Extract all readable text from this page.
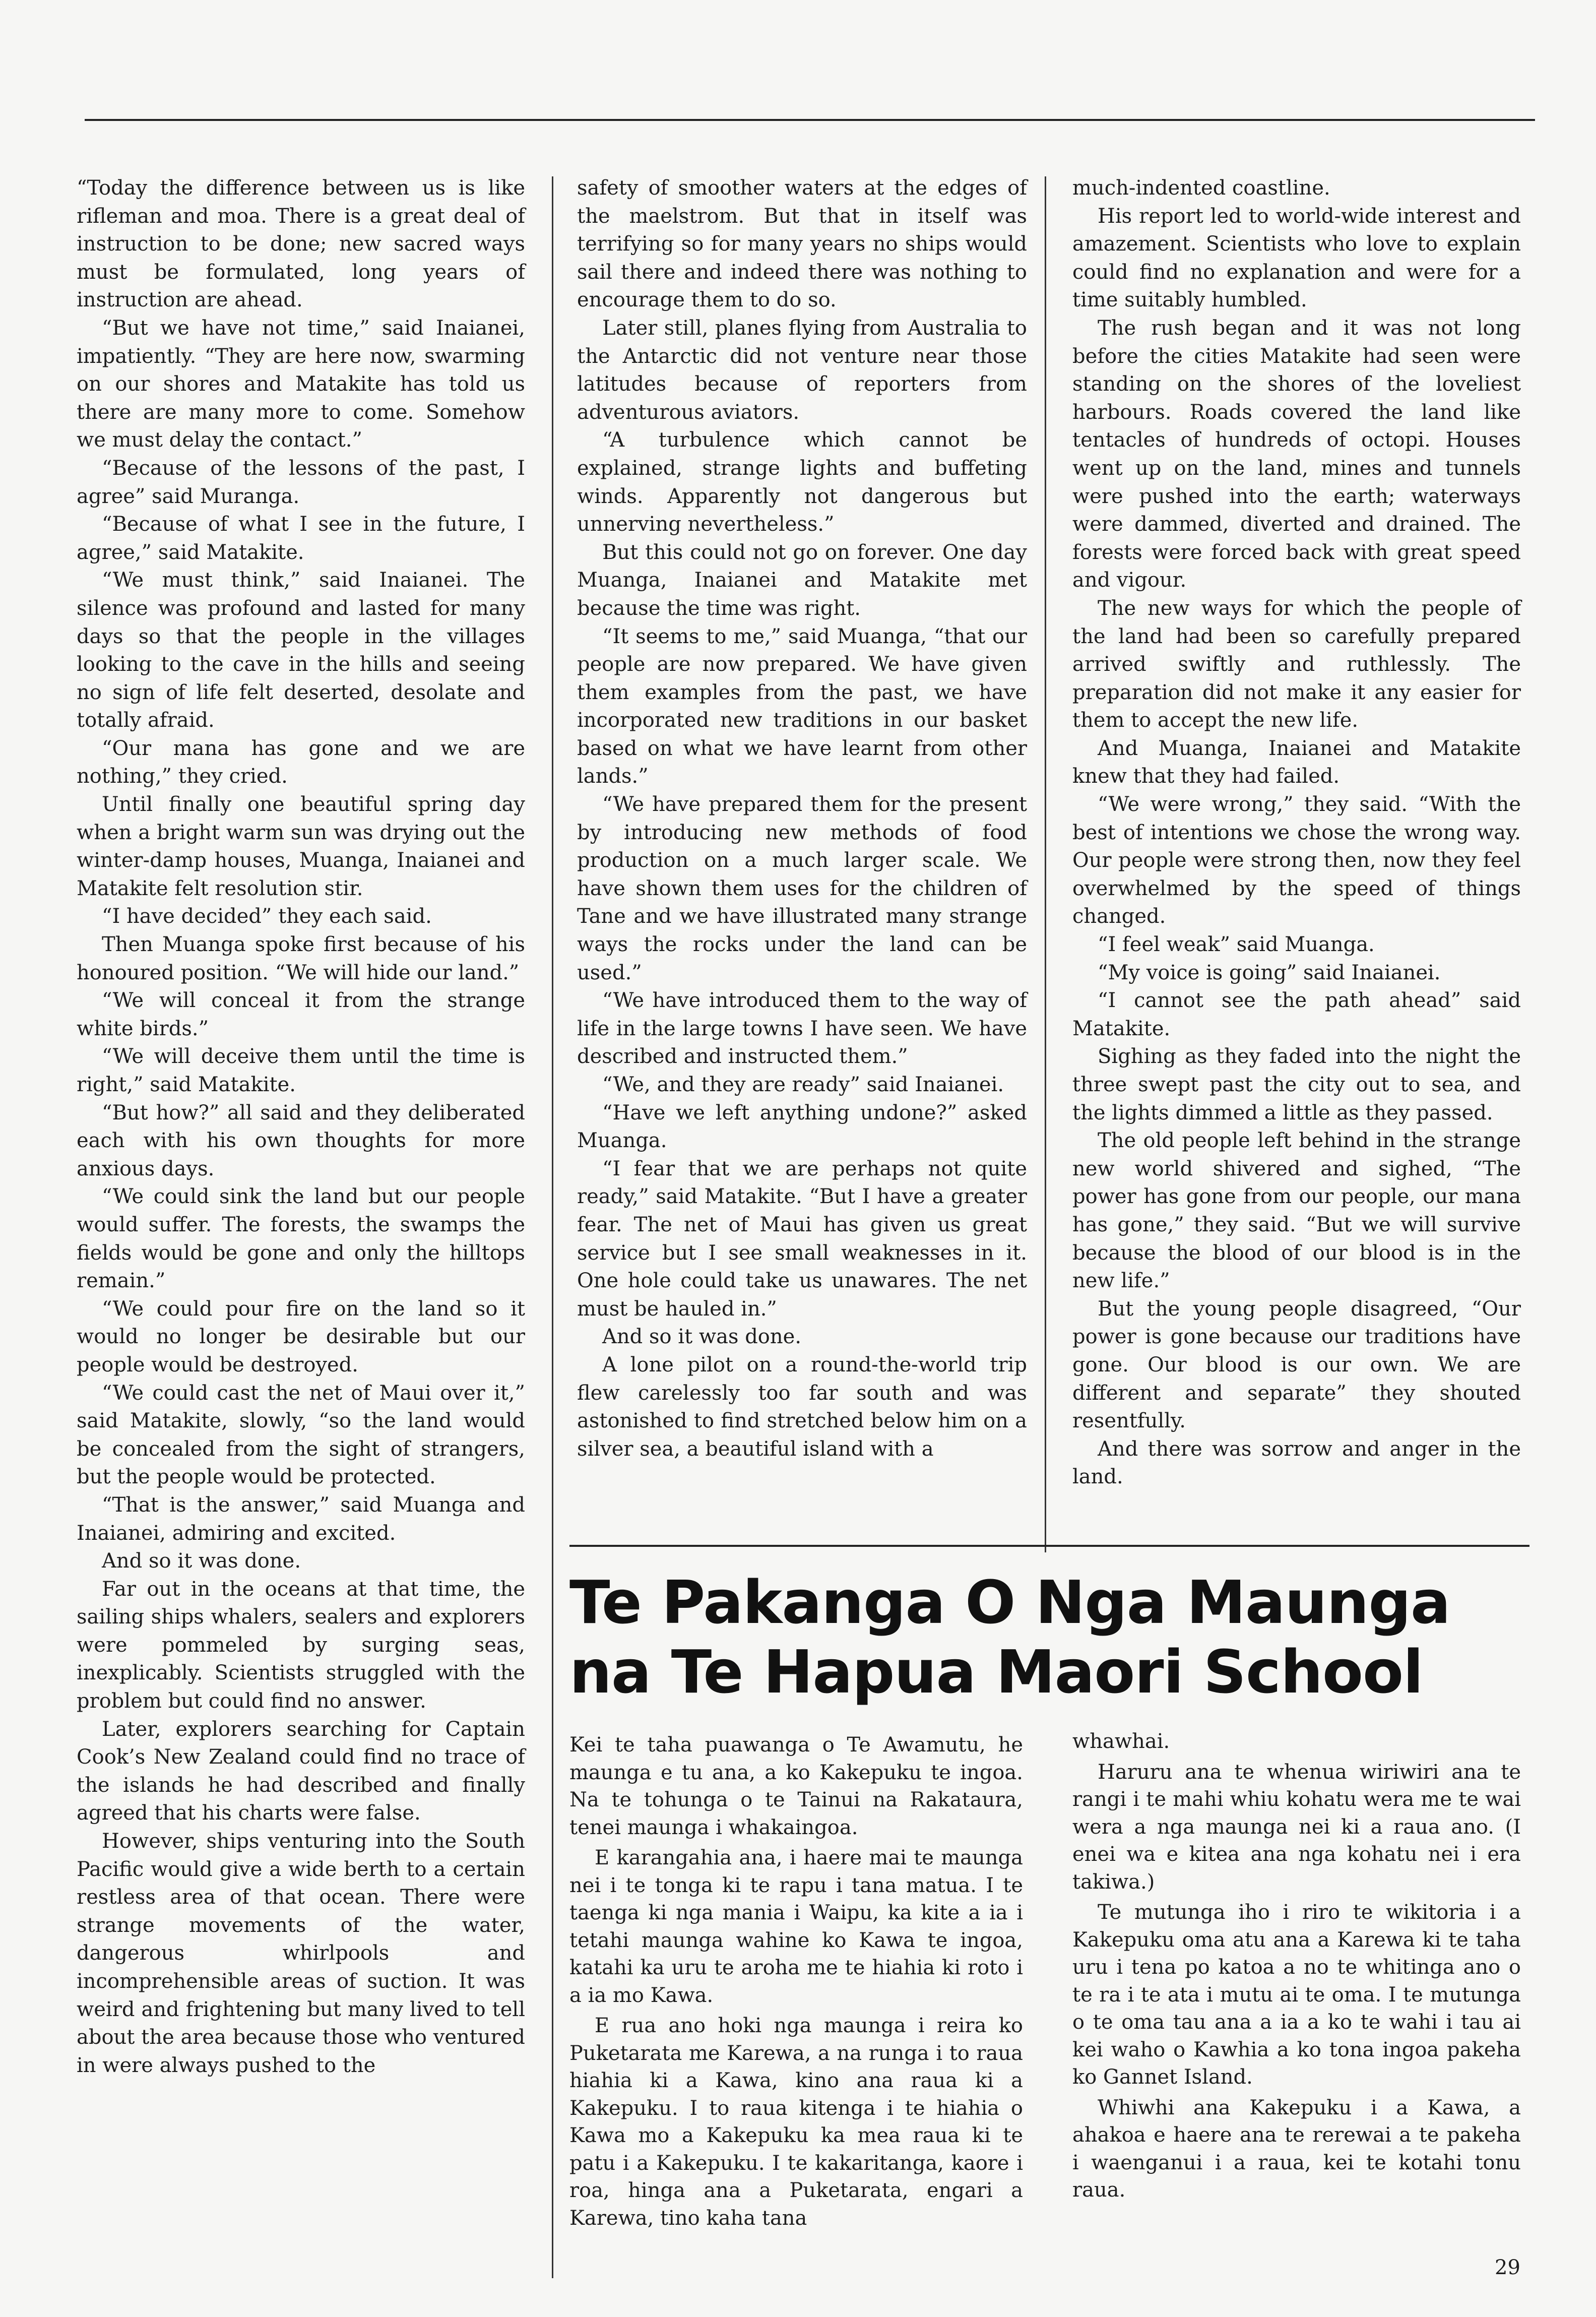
“Today the difference between us is like rifleman and moa. There is a great deal of instruction to be done; new sacred ways must be formulated, long years of instruction are ahead.

“But we have not time,” said Inaianei, impatiently. “They are here now, swarming on our shores and Matakite has told us there are many more to come. Somehow we must delay the contact.”

“Because of the lessons of the past, I agree” said Muranga.

“Because of what I see in the future, I agree,” said Matakite.

“We must think,” said Inaianei. The silence was profound and lasted for many days so that the people in the villages looking to the cave in the hills and seeing no sign of life felt deserted, desolate and totally afraid.

“Our mana has gone and we are nothing,” they cried.

Until finally one beautiful spring day when a bright warm sun was drying out the winter-damp houses, Muanga, Inaianei and Matakite felt resolution stir.

“I have decided” they each said.

Then Muanga spoke first because of his honoured position. “We will hide our land.”

“We will conceal it from the strange white birds.”

“We will deceive them until the time is right,” said Matakite.

“But how?” all said and they deliberated each with his own thoughts for more anxious days.

“We could sink the land but our people would suffer. The forests, the swamps the fields would be gone and only the hilltops remain.”

“We could pour fire on the land so it would no longer be desirable but our people would be destroyed.

“We could cast the net of Maui over it,” said Matakite, slowly, “so the land would be concealed from the sight of strangers, but the people would be protected.

“That is the answer,” said Muanga and Inaianei, admiring and excited.

And so it was done.

Far out in the oceans at that time, the sailing ships whalers, sealers and explorers were pommeled by surging seas, inexplicably. Scientists struggled with the problem but could find no answer.

Later, explorers searching for Captain Cook’s New Zealand could find no trace of the islands he had described and finally agreed that his charts were false.

However, ships venturing into the South Pacific would give a wide berth to a certain restless area of that ocean. There were strange movements of the water, dangerous whirlpools and incomprehensible areas of suction. It was weird and frightening but many lived to tell about the area because those who ventured in were always pushed to the

safety of smoother waters at the edges of the maelstrom. But that in itself was terrifying so for many years no ships would sail there and indeed there was nothing to encourage them to do so.

Later still, planes flying from Australia to the Antarctic did not venture near those latitudes because of reporters from adventurous aviators.

“A turbulence which cannot be explained, strange lights and buffeting winds. Apparently not dangerous but unnerving nevertheless.”

But this could not go on forever. One day Muanga, Inaianei and Matakite met because the time was right.

“It seems to me,” said Muanga, “that our people are now prepared. We have given them examples from the past, we have incorporated new traditions in our basket based on what we have learnt from other lands.”

“We have prepared them for the present by introducing new methods of food production on a much larger scale. We have shown them uses for the children of Tane and we have illustrated many strange ways the rocks under the land can be used.”

“We have introduced them to the way of life in the large towns I have seen. We have described and instructed them.”

“We, and they are ready” said Inaianei.

“Have we left anything undone?” asked Muanga.

“I fear that we are perhaps not quite ready,” said Matakite. “But I have a greater fear. The net of Maui has given us great service but I see small weaknesses in it. One hole could take us unawares. The net must be hauled in.”

And so it was done.

A lone pilot on a round-the-world trip flew carelessly too far south and was astonished to find stretched below him on a silver sea, a beautiful island with a

much-indented coastline.

His report led to world-wide interest and amazement. Scientists who love to explain could find no explanation and were for a time suitably humbled.

The rush began and it was not long before the cities Matakite had seen were standing on the shores of the loveliest harbours. Roads covered the land like tentacles of hundreds of octopi. Houses went up on the land, mines and tunnels were pushed into the earth; waterways were dammed, diverted and drained. The forests were forced back with great speed and vigour.

The new ways for which the people of the land had been so carefully prepared arrived swiftly and ruthlessly. The preparation did not make it any easier for them to accept the new life.

And Muanga, Inaianei and Matakite knew that they had failed.

“We were wrong,” they said. “With the best of intentions we chose the wrong way. Our people were strong then, now they feel overwhelmed by the speed of things changed.

“I feel weak” said Muanga.

“My voice is going” said Inaianei.

“I cannot see the path ahead” said Matakite.

Sighing as they faded into the night the three swept past the city out to sea, and the lights dimmed a little as they passed.

The old people left behind in the strange new world shivered and sighed, “The power has gone from our people, our mana has gone,” they said. “But we will survive because the blood of our blood is in the new life.”

But the young people disagreed, “Our power is gone because our traditions have gone. Our blood is our own. We are different and separate” they shouted resentfully.

And there was sorrow and anger in the land.

Te Pakanga O Nga Maunga
na Te Hapua Maori School

Kei te taha puawanga o Te Awamutu, he maunga e tu ana, a ko Kakepuku te ingoa. Na te tohunga o te Tainui na Rakataura, tenei maunga i whakaingoa.

E karangahia ana, i haere mai te maunga nei i te tonga ki te rapu i tana matua. I te taenga ki nga mania i Waipu, ka kite a ia i tetahi maunga wahine ko Kawa te ingoa, katahi ka uru te aroha me te hiahia ki roto i a ia mo Kawa.

E rua ano hoki nga maunga i reira ko Puketarata me Karewa, a na runga i to raua hiahia ki a Kawa, kino ana raua ki a Kakepuku. I to raua kitenga i te hiahia o Kawa mo a Kakepuku ka mea raua ki te patu i a Kakepuku. I te kakaritanga, kaore i roa, hinga ana a Puketarata, engari a Karewa, tino kaha tana

whawhai.

Haruru ana te whenua wiriwiri ana te rangi i te mahi whiu kohatu wera me te wai wera a nga maunga nei ki a raua ano. (I enei wa e kitea ana nga kohatu nei i era takiwa.)

Te mutunga iho i riro te wikitoria i a Kakepuku oma atu ana a Karewa ki te taha uru i tena po katoa a no te whitinga ano o te ra i te ata i mutu ai te oma. I te mutunga o te oma tau ana a ia a ko te wahi i tau ai kei waho o Kawhia a ko tona ingoa pakeha ko Gannet Island.

Whiwhi ana Kakepuku i a Kawa, a ahakoa e haere ana te rerewai a te pakeha i waenganui i a raua, kei te kotahi tonu raua.

29
